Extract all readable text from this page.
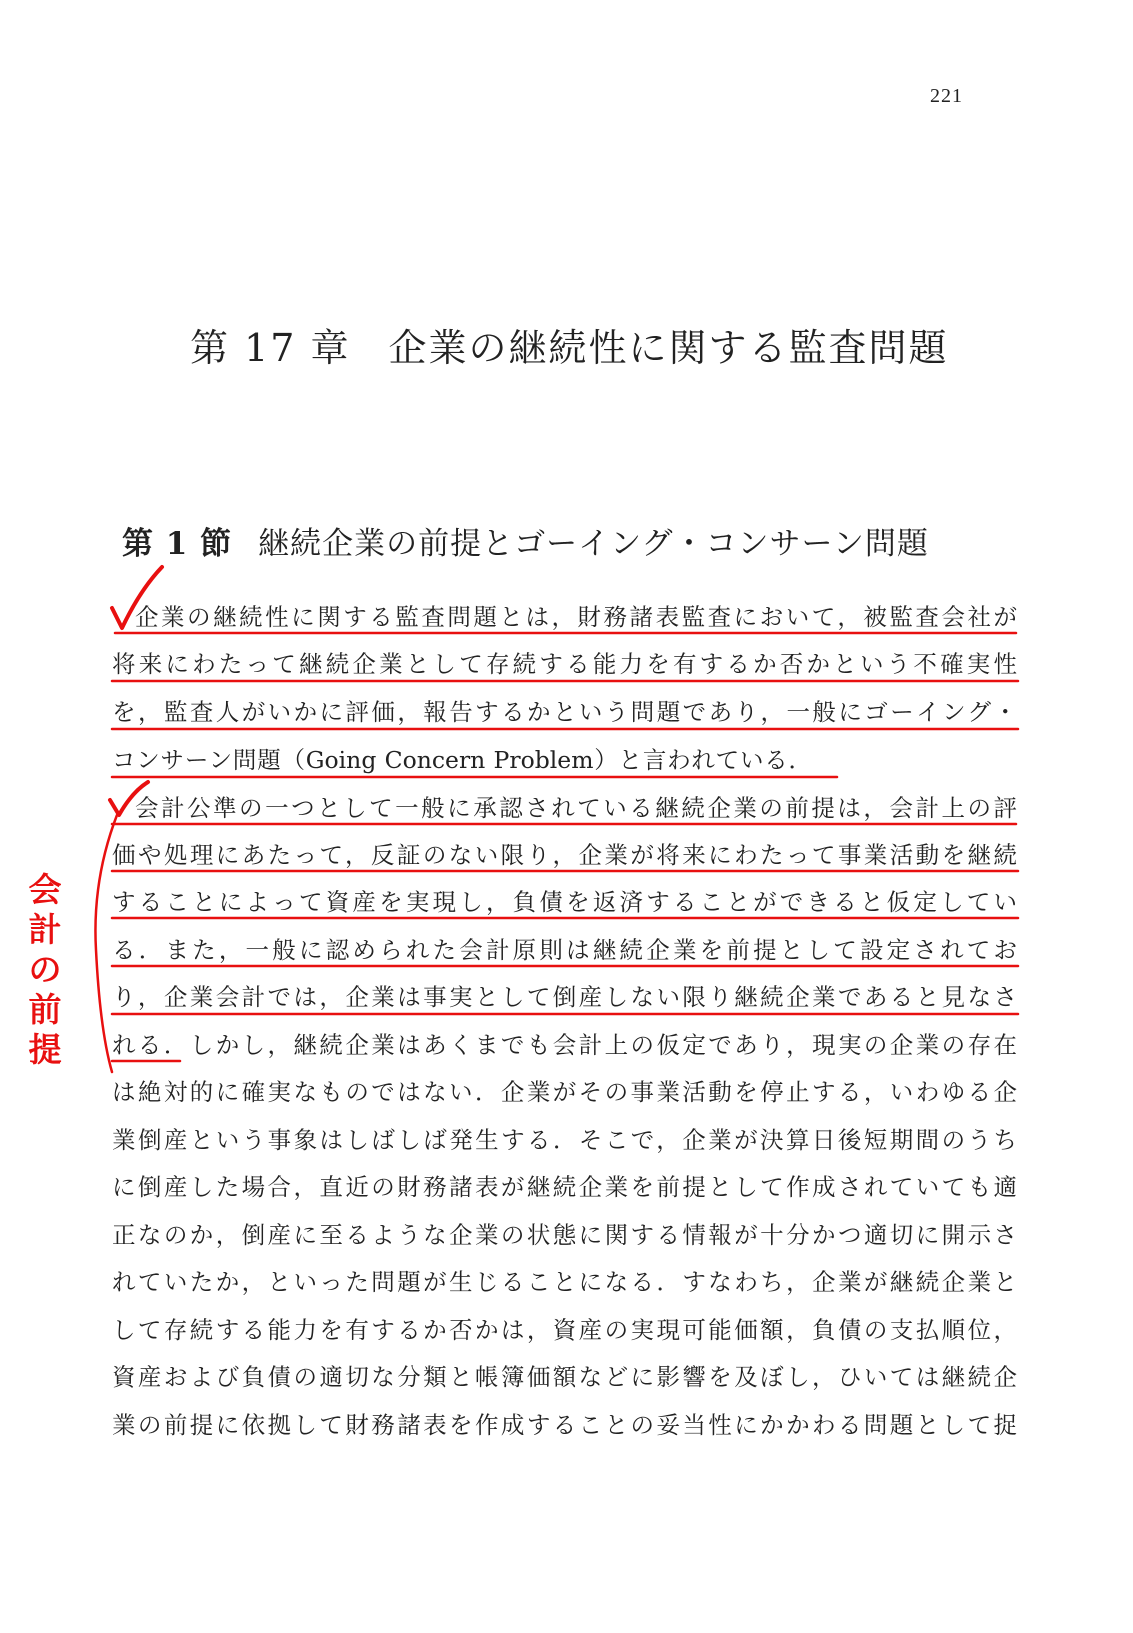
221
第 17 章 企業の継続性に関する監査問題
第 1 節 継続企業の前提とゴーイング・コンサーン問題
企業の継続性に関する監査問題とは，財務諸表監査において，被監査会社が
将来にわたって継続企業として存続する能力を有するか否かという不確実性
を，監査人がいかに評価，報告するかという問題であり，一般にゴーイング・
コンサーン問題（Going Concern Problem）と言われている．
会計公準の一つとして一般に承認されている継続企業の前提は，会計上の評
価や処理にあたって，反証のない限り，企業が将来にわたって事業活動を継続
することによって資産を実現し，負債を返済することができると仮定してい
る．また，一般に認められた会計原則は継続企業を前提として設定されてお
り，企業会計では，企業は事実として倒産しない限り継続企業であると見なさ
れる．しかし，継続企業はあくまでも会計上の仮定であり，現実の企業の存在
は絶対的に確実なものではない．企業がその事業活動を停止する，いわゆる企
業倒産という事象はしばしば発生する．そこで，企業が決算日後短期間のうち
に倒産した場合，直近の財務諸表が継続企業を前提として作成されていても適
正なのか，倒産に至るような企業の状態に関する情報が十分かつ適切に開示さ
れていたか，といった問題が生じることになる．すなわち，企業が継続企業と
して存続する能力を有するか否かは，資産の実現可能価額，負債の支払順位，
資産および負債の適切な分類と帳簿価額などに影響を及ぼし，ひいては継続企
業の前提に依拠して財務諸表を作成することの妥当性にかかわる問題として捉
会
計
の
前
提
